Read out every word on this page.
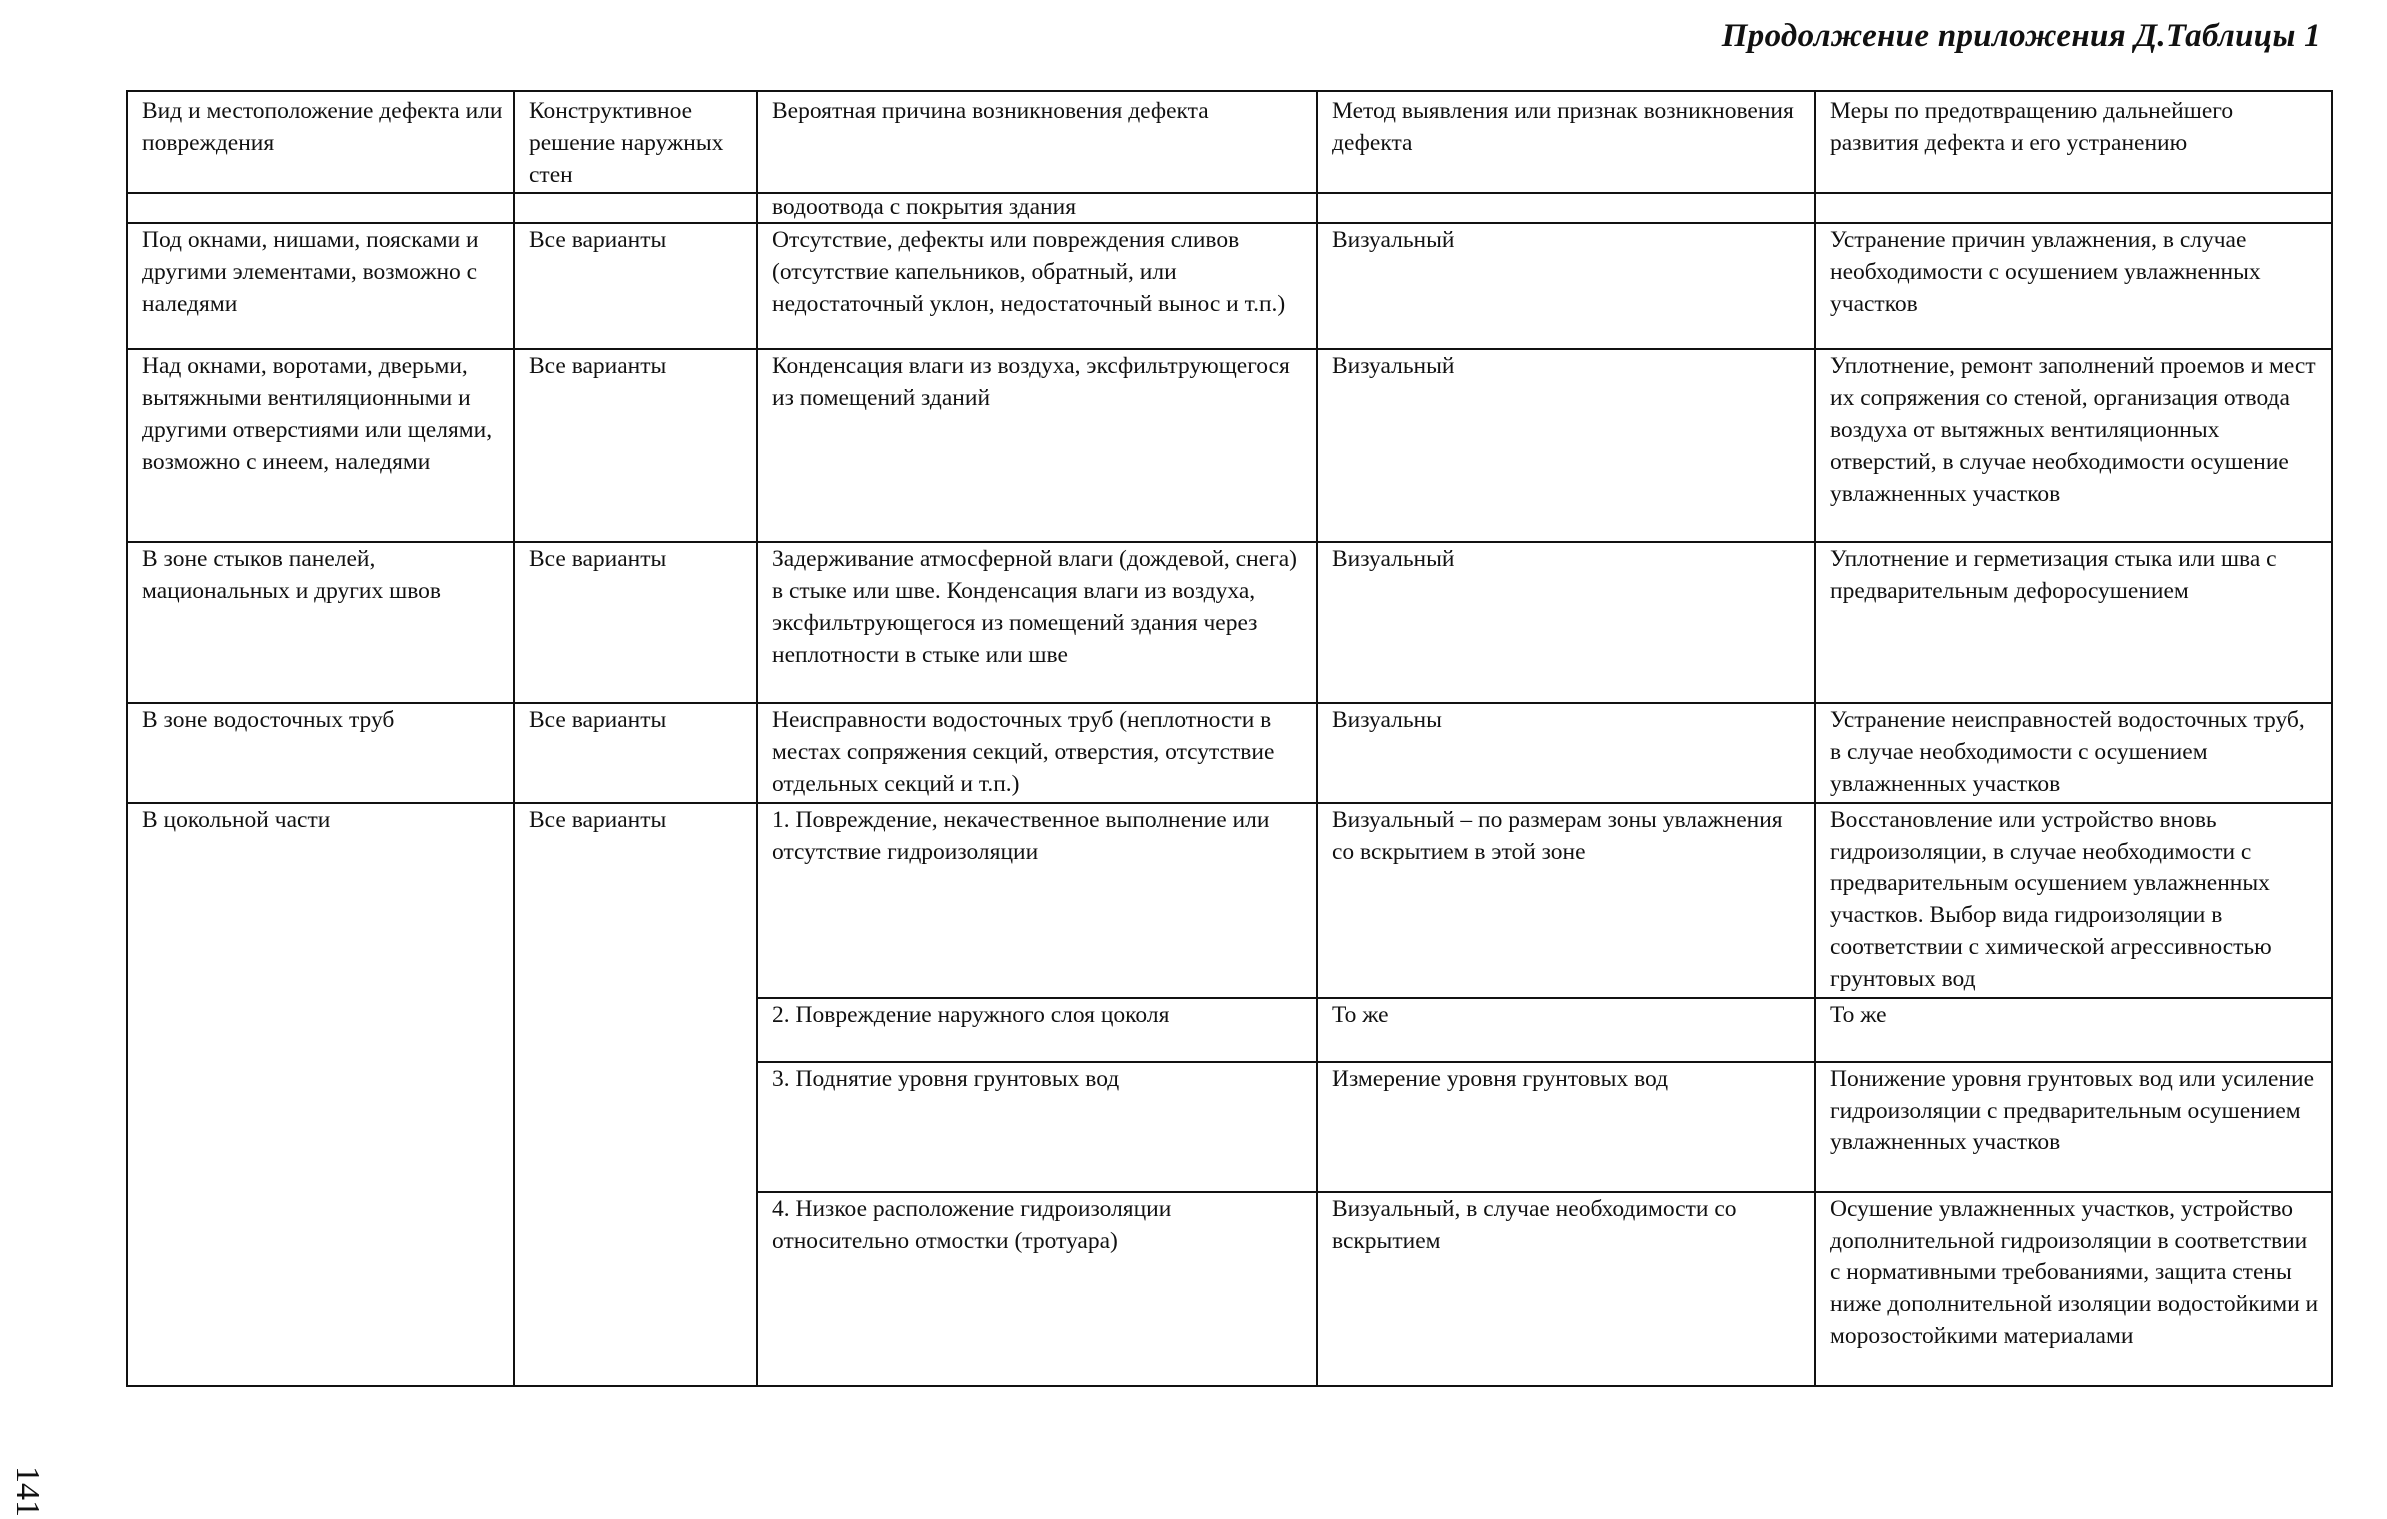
Продолжение приложения Д.Таблицы 1
Вид и местоположение дефекта или повреждения	Конструктивное решение наружных стен	Вероятная причина возникновения дефекта	Метод выявления или признак возникновения дефекта	Меры по предотвращению дальнейшего развития дефекта и его устранению
		водоотвода с покрытия здания		
Под окнами, нишами, поясками и другими элементами, возможно с наледями	Все варианты	Отсутствие, дефекты или повреждения сливов (отсутствие капельников, обратный, или недостаточный уклон, недостаточный вынос и т.п.)	Визуальный	Устранение причин увлажнения, в случае необходимости с осушением увлажненных участков
Над окнами, воротами, дверьми, вытяжными вентиляционными и другими отверстиями или щелями, возможно с инеем, наледями	Все варианты	Конденсация влаги из воздуха, эксфильтрующегося из помещений зданий	Визуальный	Уплотнение, ремонт заполнений проемов и мест их сопряжения со стеной, организация отвода воздуха от вытяжных вентиляционных отверстий, в случае необходимости осушение увлажненных участков
В зоне стыков панелей, мациональных и других швов	Все варианты	Задерживание атмосферной влаги (дождевой, снега) в стыке или шве. Конденсация влаги из воздуха, эксфильтрующегося из помещений здания через неплотности в стыке или шве	Визуальный	Уплотнение и герметизация стыка или шва с предварительным дефоросушением
В зоне водосточных труб	Все варианты	Неисправности водосточных труб (неплотности в местах сопряжения секций, отверстия, отсутствие отдельных секций и т.п.)	Визуальны	Устранение неисправностей водосточных труб, в случае необходимости с осушением увлажненных участков
В цокольной части	Все варианты	1. Повреждение, некачественное выполнение или отсутствие гидроизоляции	Визуальный – по размерам зоны увлажнения со вскрытием в этой зоне	Восстановление или устройство вновь гидроизоляции, в случае необходимости с предварительным осушением увлажненных участков. Выбор вида гидроизоляции в соответствии с химической агрессивностью грунтовых вод
		2. Повреждение наружного слоя цоколя	То же	То же
		3. Поднятие уровня грунтовых вод	Измерение уровня грунтовых вод	Понижение уровня грунтовых вод или усиление гидроизоляции с предварительным осушением увлажненных участков
		4. Низкое расположение гидроизоляции относительно отмостки (тротуара)	Визуальный, в случае необходимости со вскрытием	Осушение увлажненных участков, устройство дополнительной гидроизоляции в соответствии с нормативными требованиями, защита стены ниже дополнительной изоляции водостойкими и морозостойкими материалами
141
